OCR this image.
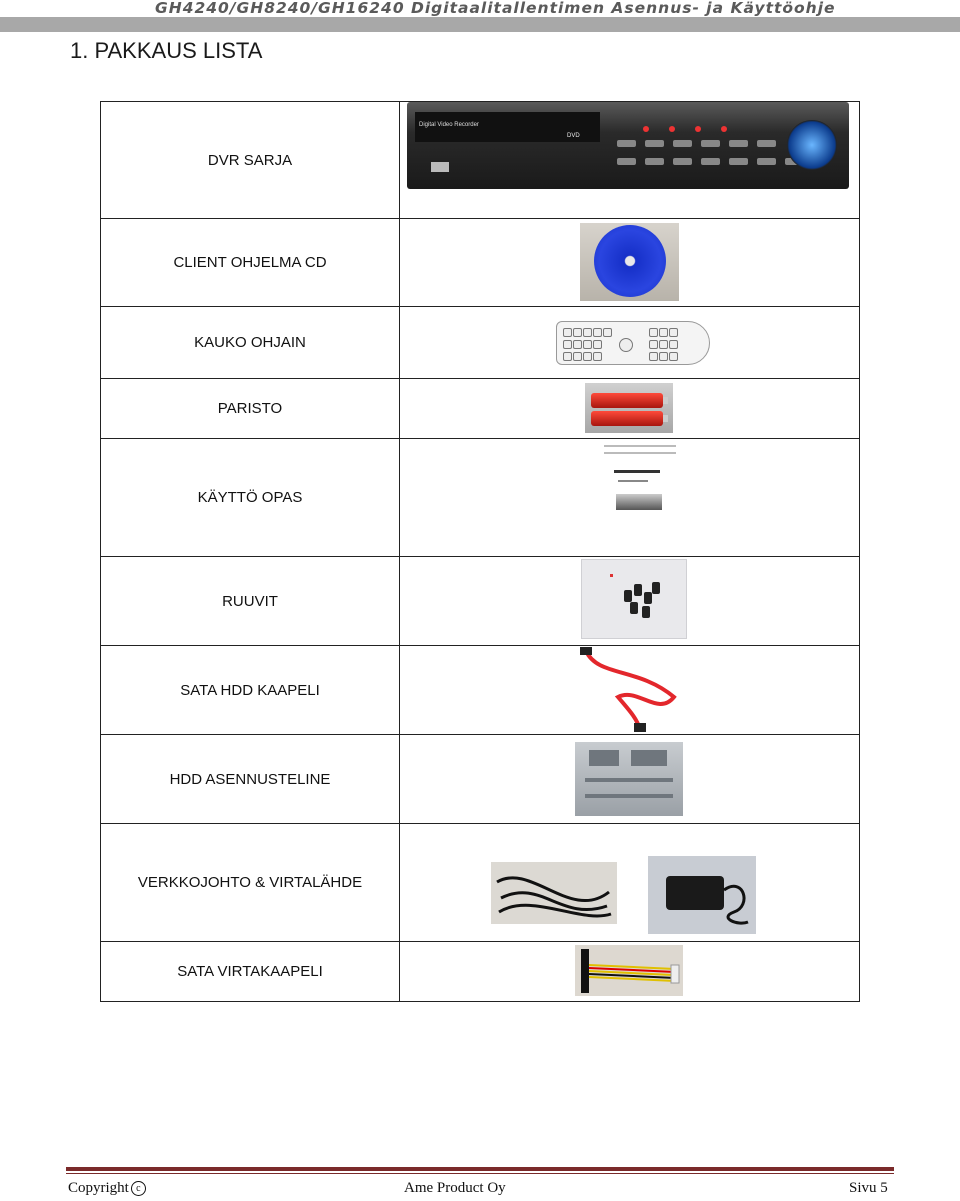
GH4240/GH8240/GH16240 Digitaalitallentimen Asennus- ja Käyttöohje
1. PAKKAUS LISTA
DVR SARJA	Digital Video Recorder
DVD

CLIENT OHJELMA CD	

KAUKO OHJAIN	

PARISTO	

KÄYTTÖ OPAS	

RUUVIT	

SATA HDD KAAPELI	

HDD ASENNUSTELINE	

VERKKOJOHTO & VIRTALÄHDE	

SATA VIRTAKAAPELI	
Copyright c	Ame Product Oy	Sivu 5
